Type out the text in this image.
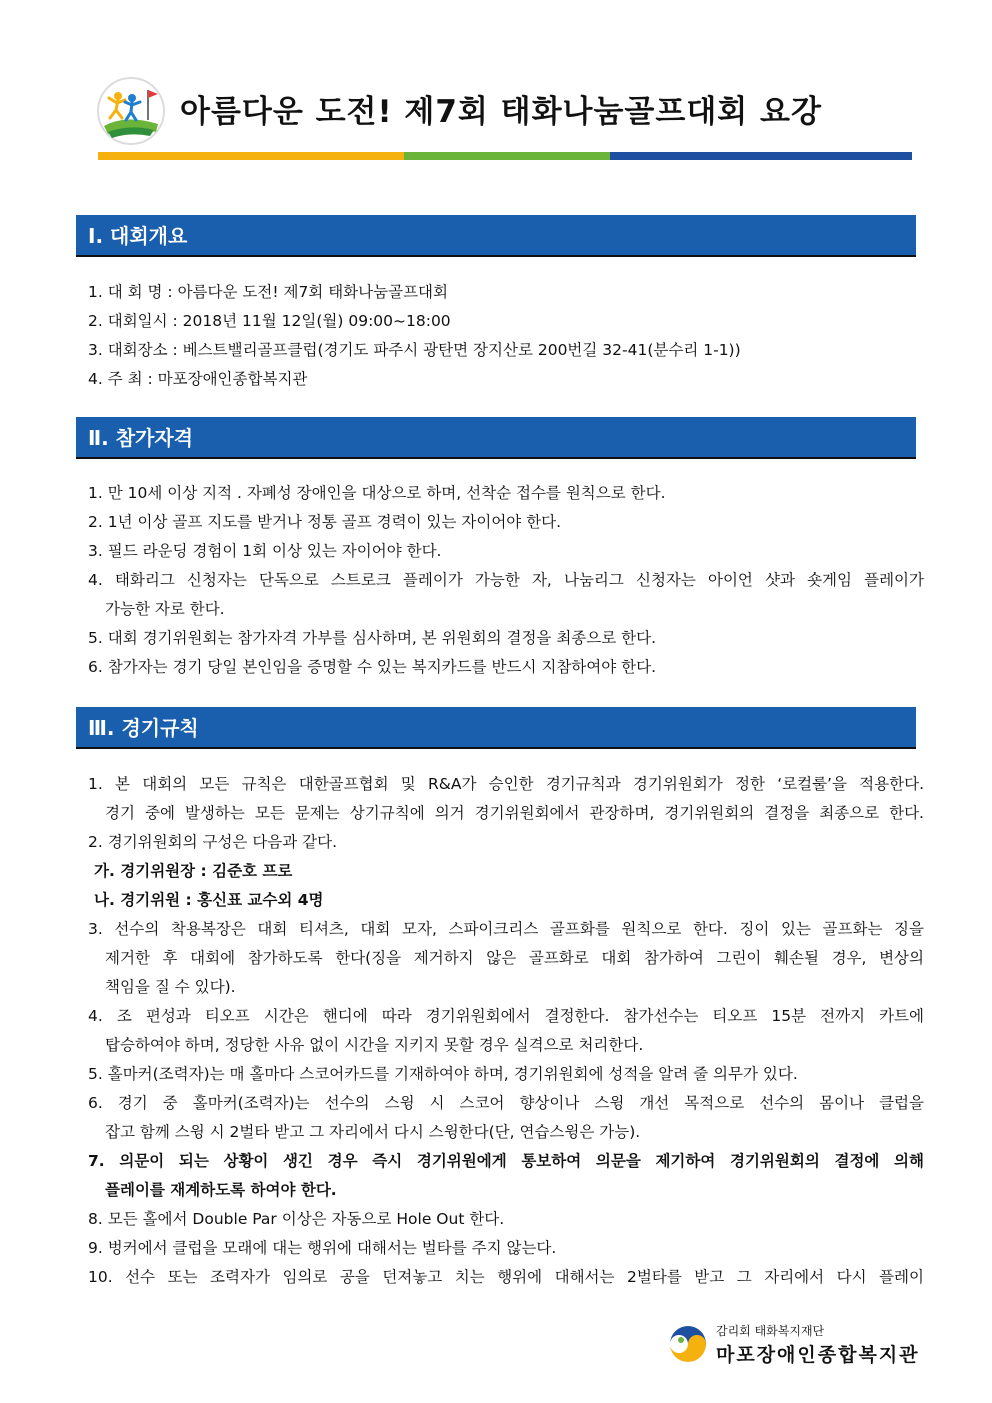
아름다운 도전! 제7회 태화나눔골프대회 요강
Ⅰ. 대회개요
1. 대 회 명 : 아름다운 도전! 제7회 태화나눔골프대회
2. 대회일시 : 2018년 11월 12일(월) 09:00~18:00
3. 대회장소 : 베스트밸리골프클럽(경기도 파주시 광탄면 장지산로 200번길 32-41(분수리 1-1))
4. 주 최 : 마포장애인종합복지관
Ⅱ. 참가자격
1. 만 10세 이상 지적 . 자폐성 장애인을 대상으로 하며, 선착순 접수를 원칙으로 한다.
2. 1년 이상 골프 지도를 받거나 정통 골프 경력이 있는 자이어야 한다.
3. 필드 라운딩 경험이 1회 이상 있는 자이어야 한다.
4. 태화리그 신청자는 단독으로 스트로크 플레이가 가능한 자, 나눔리그 신청자는 아이언 샷과 숏게임 플레이가
가능한 자로 한다.
5. 대회 경기위원회는 참가자격 가부를 심사하며, 본 위원회의 결정을 최종으로 한다.
6. 참가자는 경기 당일 본인임을 증명할 수 있는 복지카드를 반드시 지참하여야 한다.
Ⅲ. 경기규칙
1. 본 대회의 모든 규칙은 대한골프협회 및 R&A가 승인한 경기규칙과 경기위원회가 정한 ‘로컬룰’을 적용한다.
경기 중에 발생하는 모든 문제는 상기규칙에 의거 경기위원회에서 관장하며, 경기위원회의 결정을 최종으로 한다.
2. 경기위원회의 구성은 다음과 같다.
가. 경기위원장 : 김준호 프로
나. 경기위원 : 홍신표 교수외 4명
3. 선수의 착용복장은 대회 티셔츠, 대회 모자, 스파이크리스 골프화를 원칙으로 한다. 징이 있는 골프화는 징을
제거한 후 대회에 참가하도록 한다(징을 제거하지 않은 골프화로 대회 참가하여 그린이 훼손될 경우, 변상의
책임을 질 수 있다).
4. 조 편성과 티오프 시간은 핸디에 따라 경기위원회에서 결정한다. 참가선수는 티오프 15분 전까지 카트에
탑승하여야 하며, 정당한 사유 없이 시간을 지키지 못할 경우 실격으로 처리한다.
5. 홀마커(조력자)는 매 홀마다 스코어카드를 기재하여야 하며, 경기위원회에 성적을 알려 줄 의무가 있다.
6. 경기 중 홀마커(조력자)는 선수의 스윙 시 스코어 향상이나 스윙 개선 목적으로 선수의 몸이나 클럽을
잡고 함께 스윙 시 2벌타 받고 그 자리에서 다시 스윙한다(단, 연습스윙은 가능).
7. 의문이 되는 상황이 생긴 경우 즉시 경기위원에게 통보하여 의문을 제기하여 경기위원회의 결정에 의해
플레이를 재계하도록 하여야 한다.
8. 모든 홀에서 Double Par 이상은 자동으로 Hole Out 한다.
9. 벙커에서 클럽을 모래에 대는 행위에 대해서는 벌타를 주지 않는다.
10. 선수 또는 조력자가 임의로 공을 던져놓고 치는 행위에 대해서는 2벌타를 받고 그 자리에서 다시 플레이
감리회 태화복지재단
마포장애인종합복지관
